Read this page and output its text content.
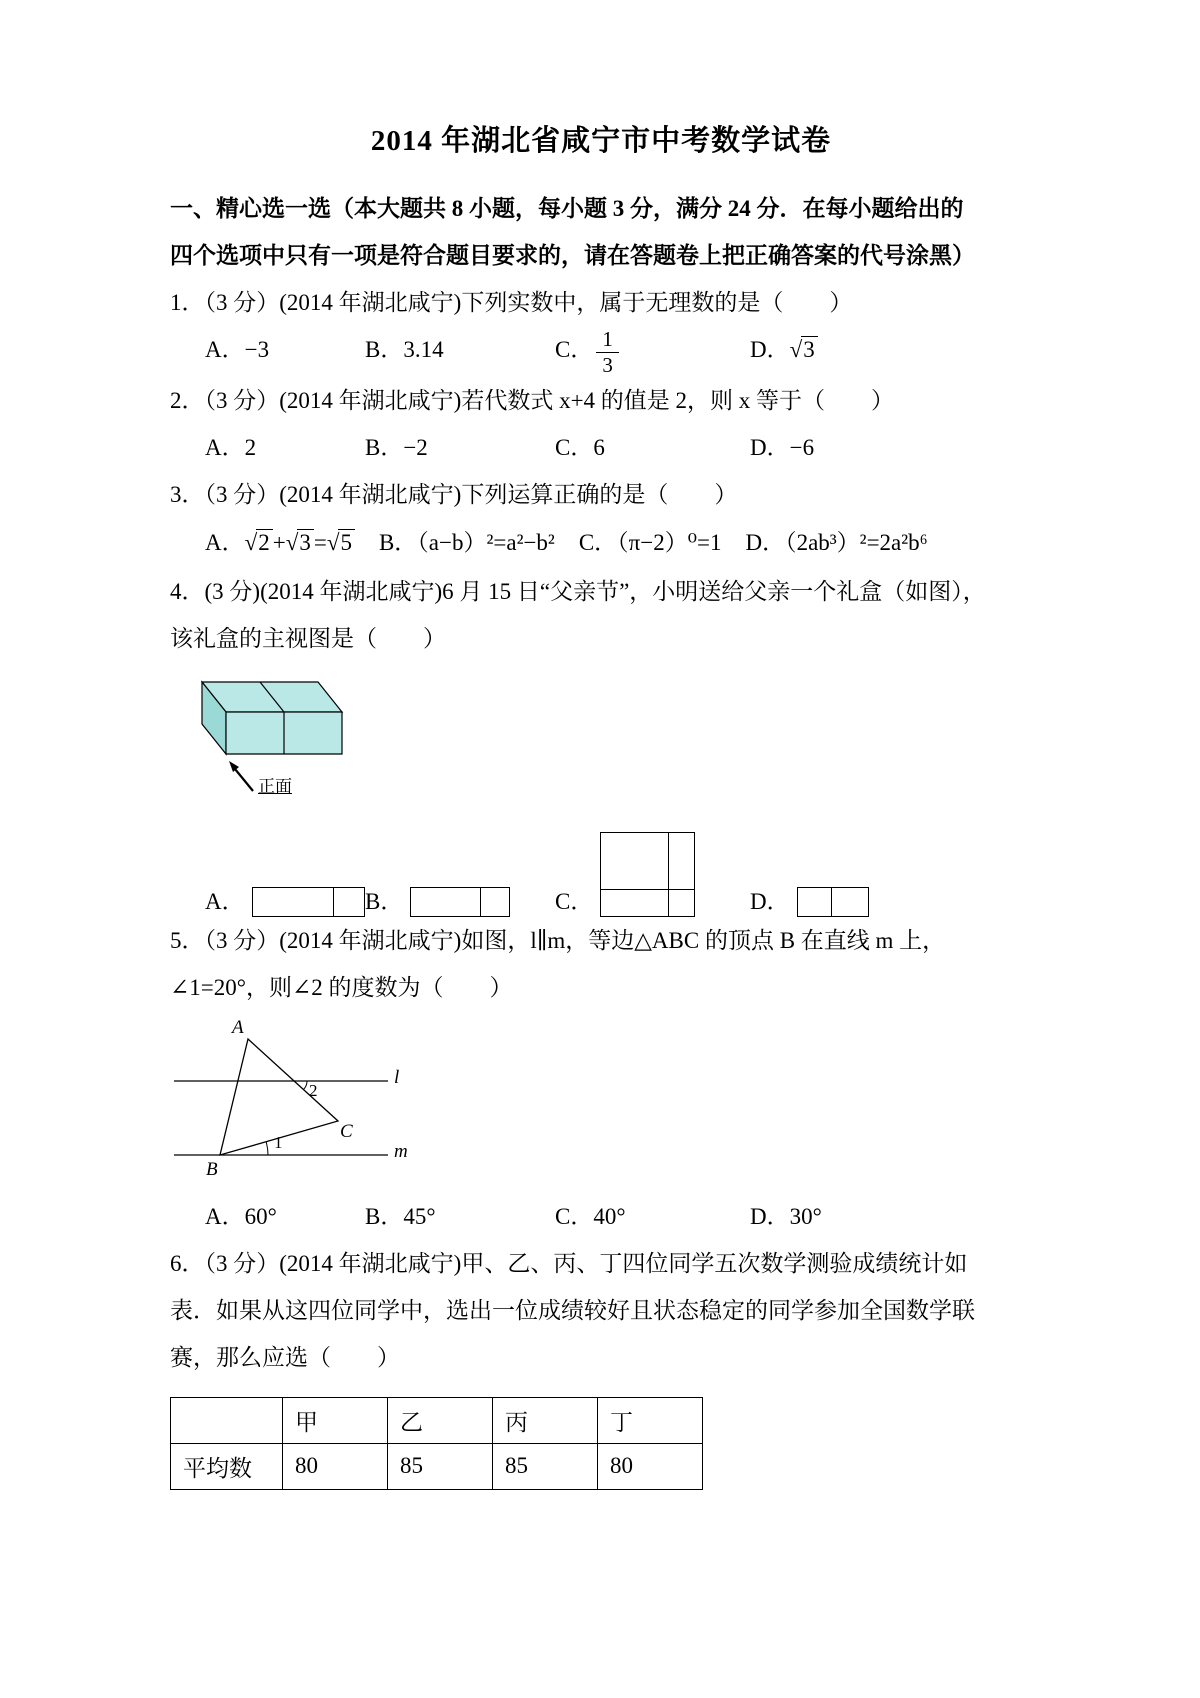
2014 年湖北省咸宁市中考数学试卷

一、精心选一选（本大题共 8 小题，每小题 3 分，满分 24 分．在每小题给出的

四个选项中只有一项是符合题目要求的，请在答题卷上把正确答案的代号涂黑）

1．（3 分）(2014 年湖北咸宁)下列实数中，属于无理数的是（　　）

A．−3	B．3.14	C． $\frac{1}{3}$	D．√3

2．（3 分）(2014 年湖北咸宁)若代数式 x+4 的值是 2，则 x 等于（　　）

A．2	B．−2	C．6	D．−6

3．（3 分）(2014 年湖北咸宁)下列运算正确的是（　　）

A．√2 +√3 =√5 B．（a−b）²=a²−b² C．（π−2）⁰=1 D．（2ab³）²=2a²b⁶

4．(3 分)(2014 年湖北咸宁)6 月 15 日“父亲节”，小明送给父亲一个礼盒（如图），

该礼盒的主视图是（　　）

正面
A．	B．	C．	D．

5．（3 分）(2014 年湖北咸宁)如图，l∥m，等边△ABC 的顶点 B 在直线 m 上，

∠1=20°，则∠2 的度数为（　　）

A
B
C
l
m
1
2
A．60°	B．45°	C．40°	D．30°

6．（3 分）(2014 年湖北咸宁)甲、乙、丙、丁四位同学五次数学测验成绩统计如

表．如果从这四位同学中，选出一位成绩较好且状态稳定的同学参加全国数学联

赛，那么应选（　　）

	甲	乙	丙	丁
平均数	80	85	85	80
